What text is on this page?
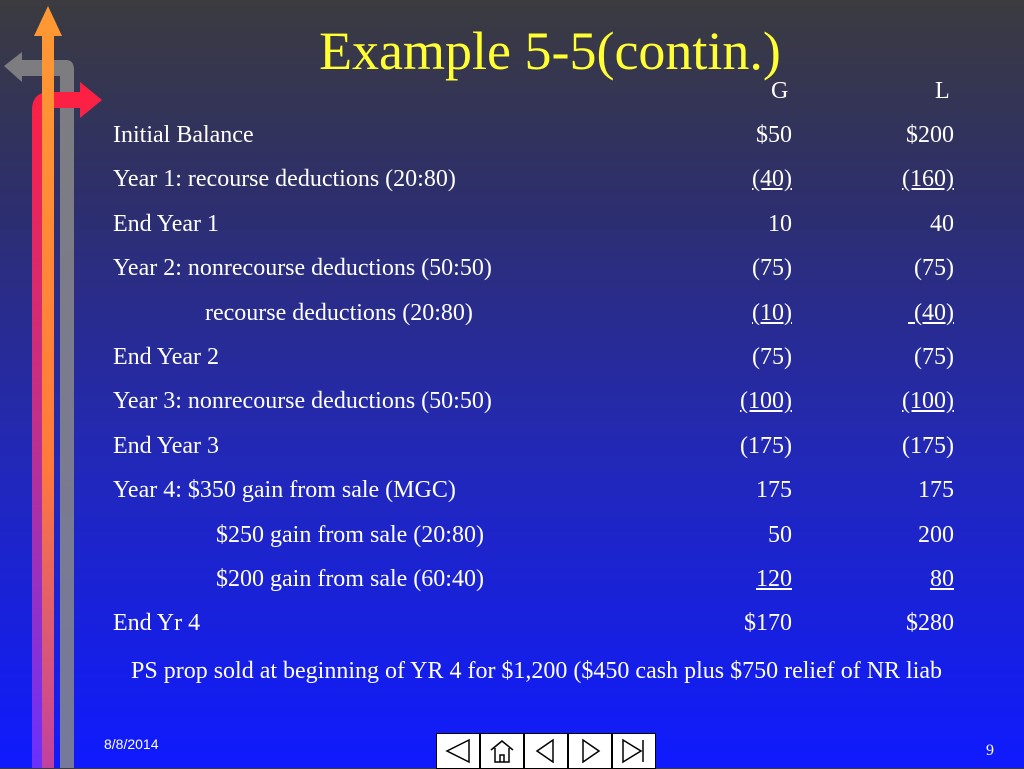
Example 5-5(contin.)
G	L
Initial Balance	$50	$200
Year 1: recourse deductions (20:80)	(40)	(160)
End Year 1	10	40
Year 2: nonrecourse deductions (50:50)	(75)	(75)
recourse deductions (20:80)	(10)	(40)
End Year 2	(75)	(75)
Year 3: nonrecourse deductions (50:50)	(100)	(100)
End Year 3	(175)	(175)
Year 4: $350 gain from sale (MGC)	175	175
$250 gain from sale (20:80)	50	200
$200 gain from sale (60:40)	120	80
End Yr 4	$170	$280
PS prop sold at beginning of YR 4 for $1,200 ($450 cash plus $750 relief of NR liab
8/8/2014	9
